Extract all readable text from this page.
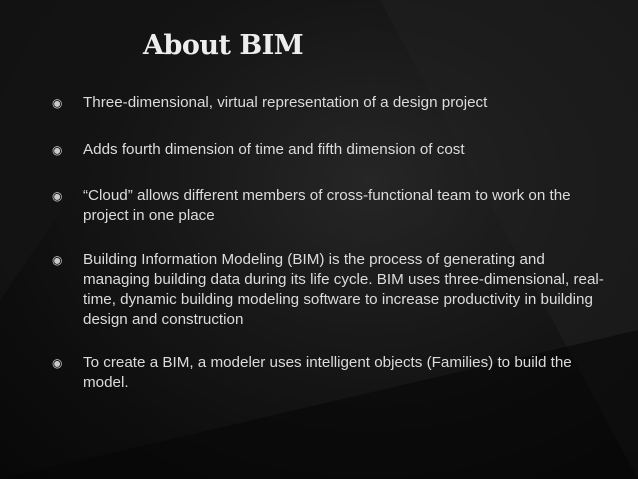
About BIM
◉	Three-dimensional, virtual representation of a design project
◉	Adds fourth dimension of time and fifth dimension of cost
◉	“Cloud” allows different members of cross-functional team to work on the project in one place
◉	Building Information Modeling (BIM) is the process of generating and managing building data during its life cycle. BIM uses three-dimensional, real-time, dynamic building modeling software to increase productivity in building design and construction
◉	To create a BIM, a modeler uses intelligent objects (Families) to build the model.
